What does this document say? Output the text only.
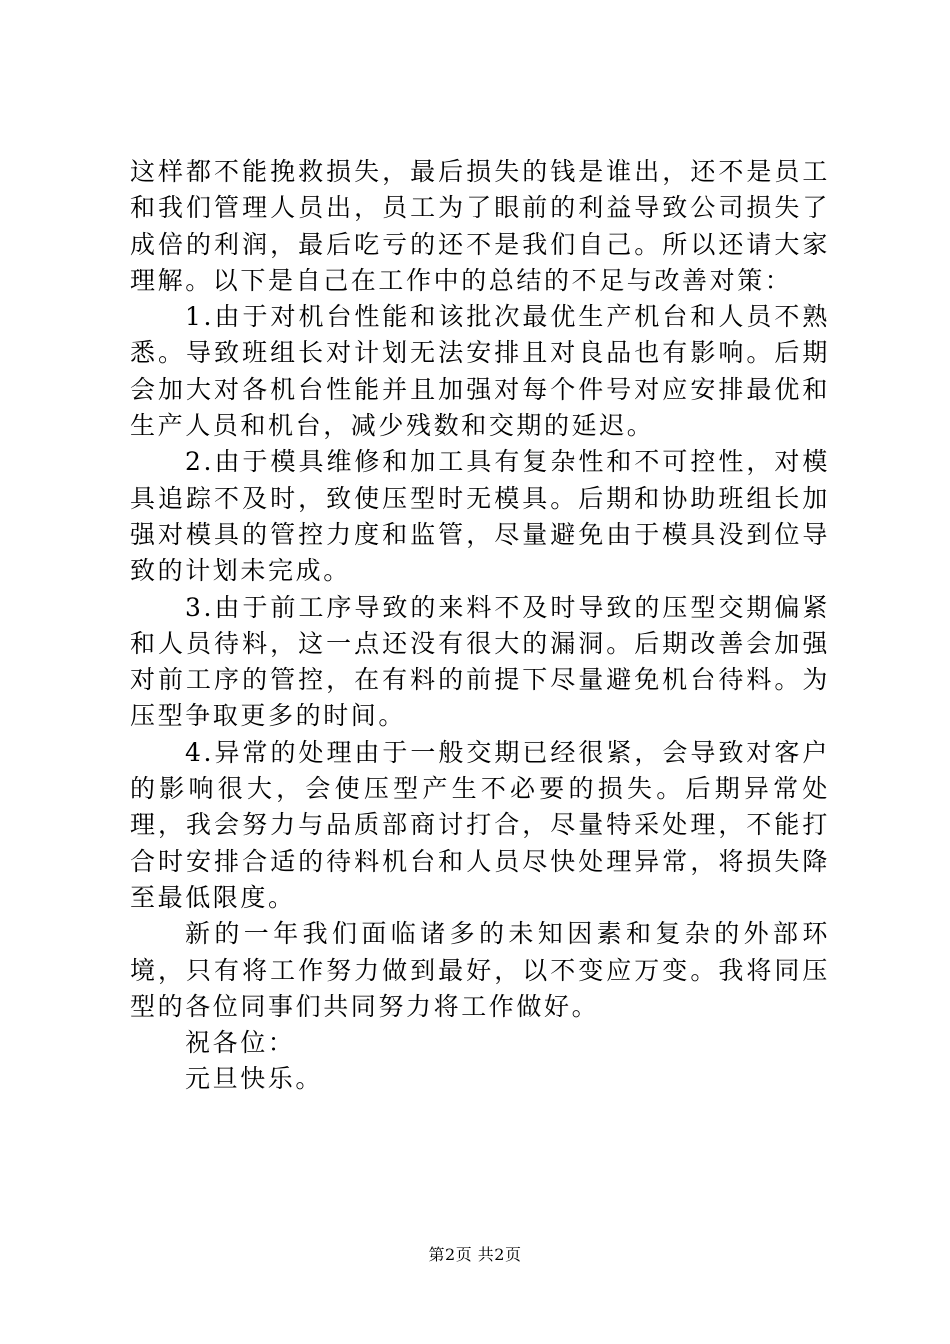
这样都不能挽救损失，最后损失的钱是谁出，还不是员工和我们管理人员出，员工为了眼前的利益导致公司损失了成倍的利润，最后吃亏的还不是我们自己。所以还请大家理解。以下是自己在工作中的总结的不足与改善对策：

1.由于对机台性能和该批次最优生产机台和人员不熟悉。导致班组长对计划无法安排且对良品也有影响。后期会加大对各机台性能并且加强对每个件号对应安排最优和生产人员和机台，减少残数和交期的延迟。

2.由于模具维修和加工具有复杂性和不可控性，对模具追踪不及时，致使压型时无模具。后期和协助班组长加强对模具的管控力度和监管，尽量避免由于模具没到位导致的计划未完成。

3.由于前工序导致的来料不及时导致的压型交期偏紧和人员待料，这一点还没有很大的漏洞。后期改善会加强对前工序的管控，在有料的前提下尽量避免机台待料。为压型争取更多的时间。

4.异常的处理由于一般交期已经很紧，会导致对客户的影响很大，会使压型产生不必要的损失。后期异常处理，我会努力与品质部商讨打合，尽量特采处理，不能打合时安排合适的待料机台和人员尽快处理异常，将损失降至最低限度。

新的一年我们面临诸多的未知因素和复杂的外部环境，只有将工作努力做到最好，以不变应万变。我将同压型的各位同事们共同努力将工作做好。

祝各位：

元旦快乐。

第2页 共2页
